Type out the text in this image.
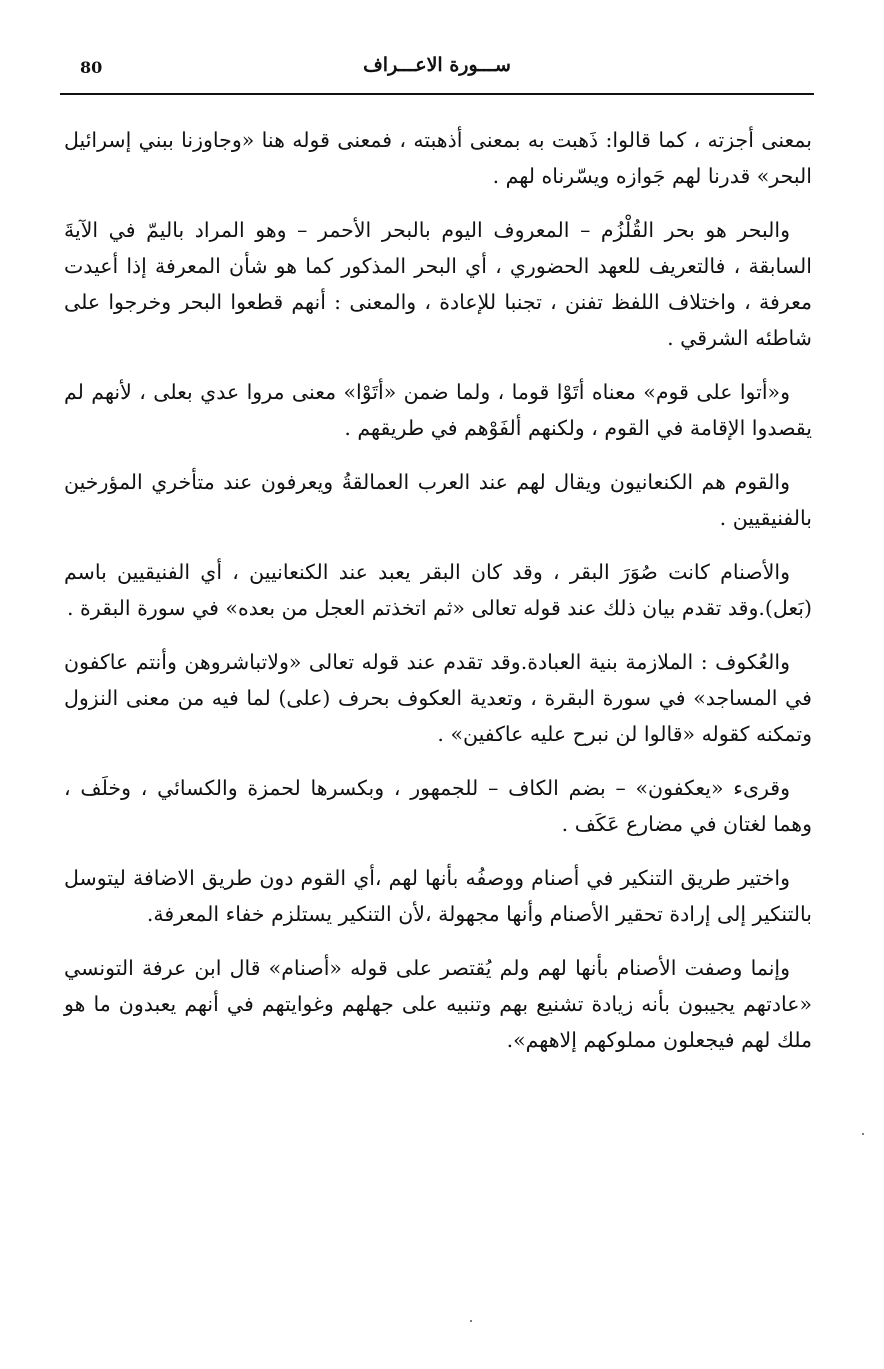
80	ســـورة الاعـــراف

بمعنى أجزته ، كما قالوا: ذَهبت به بمعنى أذهبته ، فمعنى قوله هنا «وجاوزنا ببني إسرائيل البحر» قدرنا لهم جَوازه ويسّرناه لهم .

والبحر هو بحر القُلْزُم – المعروف اليوم بالبحر الأحمر – وهو المراد باليمّ في الآيةَ السابقة ، فالتعريف للعهد الحضوري ، أي البحر المذكور كما هو شأن المعرفة إذا أعيدت معرفة ، واختلاف اللفظ تفنن ، تجنبا للإعادة ، والمعنى : أنهم قطعوا البحر وخرجوا على شاطئه الشرقي .

و«أتوا على قوم» معناه أتَوْا قوما ، ولما ضمن «أتَوْا» معنى مروا عدي بعلى ، لأنهم لم يقصدوا الإقامة في القوم ، ولكنهم ألفَوْهم في طريقهم .

والقوم هم الكنعانيون ويقال لهم عند العرب العمالقةُ ويعرفون عند متأخري المؤرخين بالفنيقيين .

والأصنام كانت صُوَرَ البقر ، وقد كان البقر يعبد عند الكنعانيين ، أي الفنيقيين باسم (بَعل).وقد تقدم بيان ذلك عند قوله تعالى «ثم اتخذتم العجل من بعده» في سورة البقرة .

والعُكوف : الملازمة بنية العبادة.وقد تقدم عند قوله تعالى «ولاتباشروهن وأنتم عاكفون في المساجد» في سورة البقرة ، وتعدية العكوف بحرف (على) لما فيه من معنى النزول وتمكنه كقوله «قالوا لن نبرح عليه عاكفين» .

وقرىء «يعكفون» – بضم الكاف – للجمهور ، وبكسرها لحمزة والكسائي ، وخلَف ، وهما لغتان في مضارع عَكَف .

واختير طريق التنكير في أصنام ووصفُه بأنها لهم ،أي القوم دون طريق الاضافة ليتوسل بالتنكير إلى إرادة تحقير الأصنام وأنها مجهولة ،لأن التنكير يستلزم خفاء المعرفة.

وإنما وصفت الأصنام بأنها لهم ولم يُقتصر على قوله «أصنام» قال ابن عرفة التونسي «عادتهم يجيبون بأنه زيادة تشنيع بهم وتنبيه على جهلهم وغوايتهم في أنهم يعبدون ما هو ملك لهم فيجعلون مملوكهم إلاههم».
